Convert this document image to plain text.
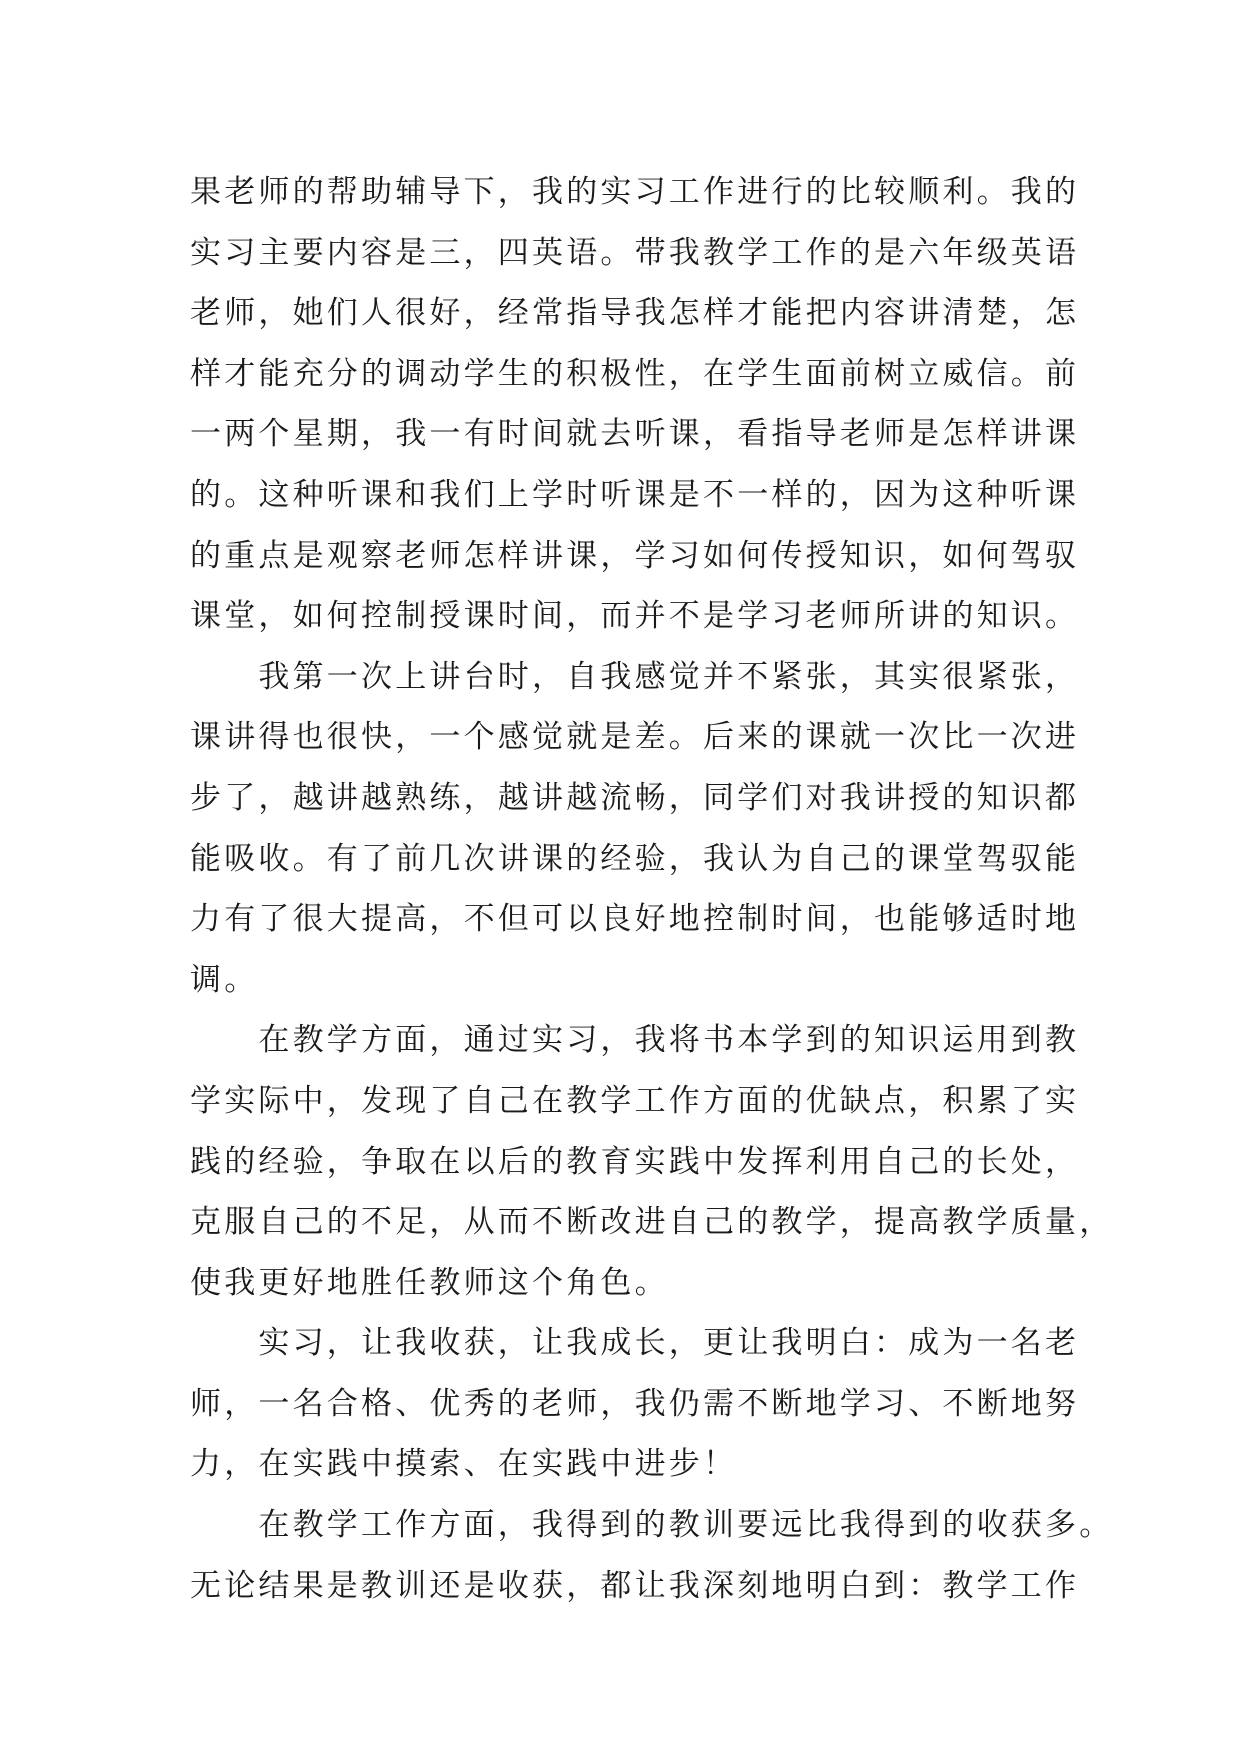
果老师的帮助辅导下，我的实习工作进行的比较顺利。我的
实习主要内容是三，四英语。带我教学工作的是六年级英语
老师，她们人很好，经常指导我怎样才能把内容讲清楚，怎
样才能充分的调动学生的积极性，在学生面前树立威信。前
一两个星期，我一有时间就去听课，看指导老师是怎样讲课
的。这种听课和我们上学时听课是不一样的，因为这种听课
的重点是观察老师怎样讲课，学习如何传授知识，如何驾驭
课堂，如何控制授课时间，而并不是学习老师所讲的知识。
　　我第一次上讲台时，自我感觉并不紧张，其实很紧张，
课讲得也很快，一个感觉就是差。后来的课就一次比一次进
步了，越讲越熟练，越讲越流畅，同学们对我讲授的知识都
能吸收。有了前几次讲课的经验，我认为自己的课堂驾驭能
力有了很大提高，不但可以良好地控制时间，也能够适时地
调。
　　在教学方面，通过实习，我将书本学到的知识运用到教
学实际中，发现了自己在教学工作方面的优缺点，积累了实
践的经验，争取在以后的教育实践中发挥利用自己的长处，
克服自己的不足，从而不断改进自己的教学，提高教学质量，
使我更好地胜任教师这个角色。
　　实习，让我收获，让我成长，更让我明白：成为一名老
师，一名合格、优秀的老师，我仍需不断地学习、不断地努
力，在实践中摸索、在实践中进步！
　　在教学工作方面，我得到的教训要远比我得到的收获多。
无论结果是教训还是收获，都让我深刻地明白到：教学工作
